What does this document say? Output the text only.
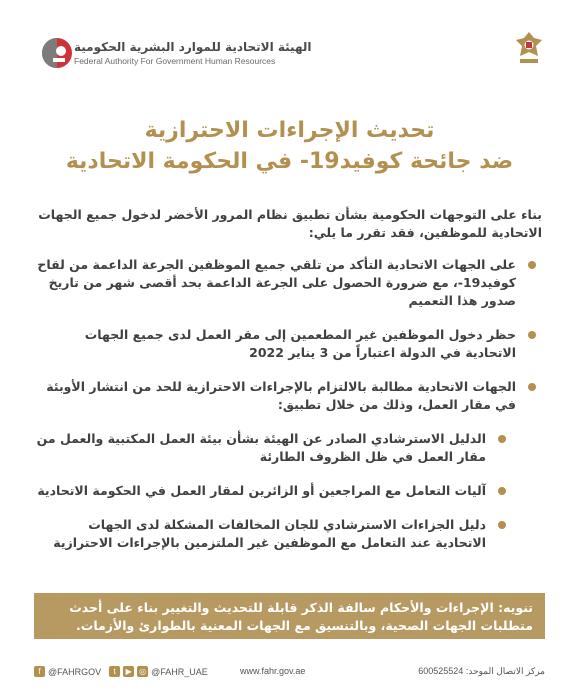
الهيئة الاتحادية للموارد البشرية الحكومية
Federal Authority For Government Human Resources
تحديث الإجراءات الاحترازية
ضد جائحة كوفيد19- في الحكومة الاتحادية

بناء على التوجهات الحكومية بشأن تطبيق نظام المرور الأخضر لدخول جميع الجهات الاتحادية للموظفين، فقد تقرر ما يلي:

على الجهات الاتحادية التأكد من تلقي جميع الموظفين الجرعة الداعمة من لقاح كوفيد19-، مع ضرورة الحصول على الجرعة الداعمة بحد أقصى شهر من تاريخ صدور هذا التعميم
حظر دخول الموظفين غير المطعمين إلى مقر العمل لدى جميع الجهات الاتحادية في الدولة اعتباراً من 3 يناير 2022
الجهات الاتحادية مطالبة بالالتزام بالإجراءات الاحترازية للحد من انتشار الأوبئة في مقار العمل، وذلك من خلال تطبيق:
الدليل الاسترشادي الصادر عن الهيئة بشأن بيئة العمل المكتبية والعمل من مقار العمل في ظل الظروف الطارئة
آليات التعامل مع المراجعين أو الزائرين لمقار العمل في الحكومة الاتحادية
دليل الجزاءات الاسترشادي للجان المخالفات المشكلة لدى الجهات الاتحادية عند التعامل مع الموظفين غير الملتزمين بالإجراءات الاحترازية
تنويه: الإجراءات والأحكام سالفة الذكر قابلة للتحديث والتغيير بناء على أحدث متطلبات الجهات الصحية، وبالتنسيق مع الجهات المعنية بالطوارئ والأزمات.
f @FAHRGOV	t	▶ ◎ @FAHR_UAE	www.fahr.gov.ae	مركز الاتصال الموحد: 600525524
